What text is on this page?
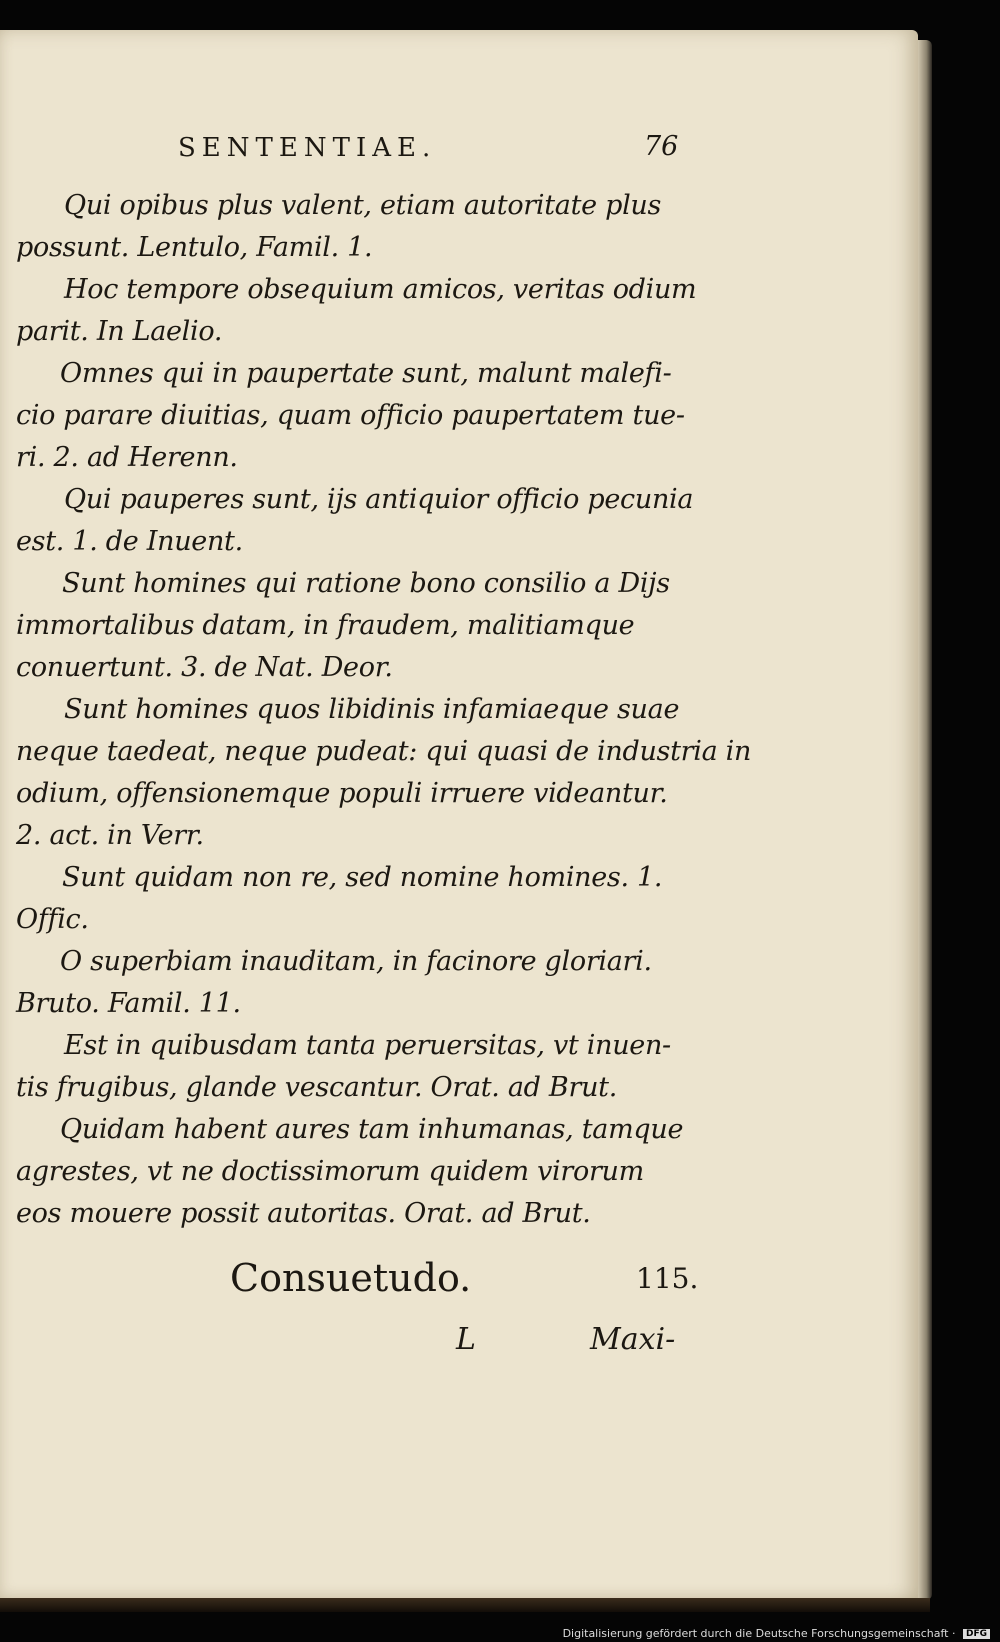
SENTENTIAE.	76
Qui opibus plus valent, etiam autoritate plus
possunt. Lentulo, Famil. 1.
Hoc tempore obsequium amicos, veritas odium
parit. In Laelio.
Omnes qui in paupertate sunt, malunt malefi-
cio parare diuitias, quam officio paupertatem tue-
ri. 2. ad Herenn.
Qui pauperes sunt, ijs antiquior officio pecunia
est. 1. de Inuent.
Sunt homines qui ratione bono consilio a Dijs
immortalibus datam, in fraudem, malitiamque
conuertunt. 3. de Nat. Deor.
Sunt homines quos libidinis infamiaeque suae
neque taedeat, neque pudeat: qui quasi de industria in
odium, offensionemque populi irruere videantur.
2. act. in Verr.
Sunt quidam non re, sed nomine homines. 1.
Offic.
O superbiam inauditam, in facinore gloriari.
Bruto. Famil. 11.
Est in quibusdam tanta peruersitas, vt inuen-
tis frugibus, glande vescantur. Orat. ad Brut.
Quidam habent aures tam inhumanas, tamque
agrestes, vt ne doctissimorum quidem virorum
eos mouere possit autoritas. Orat. ad Brut.
Consuetudo.	115.
L	Maxi-
Digitalisierung gefördert durch die Deutsche Forschungsgemeinschaft · DFG
